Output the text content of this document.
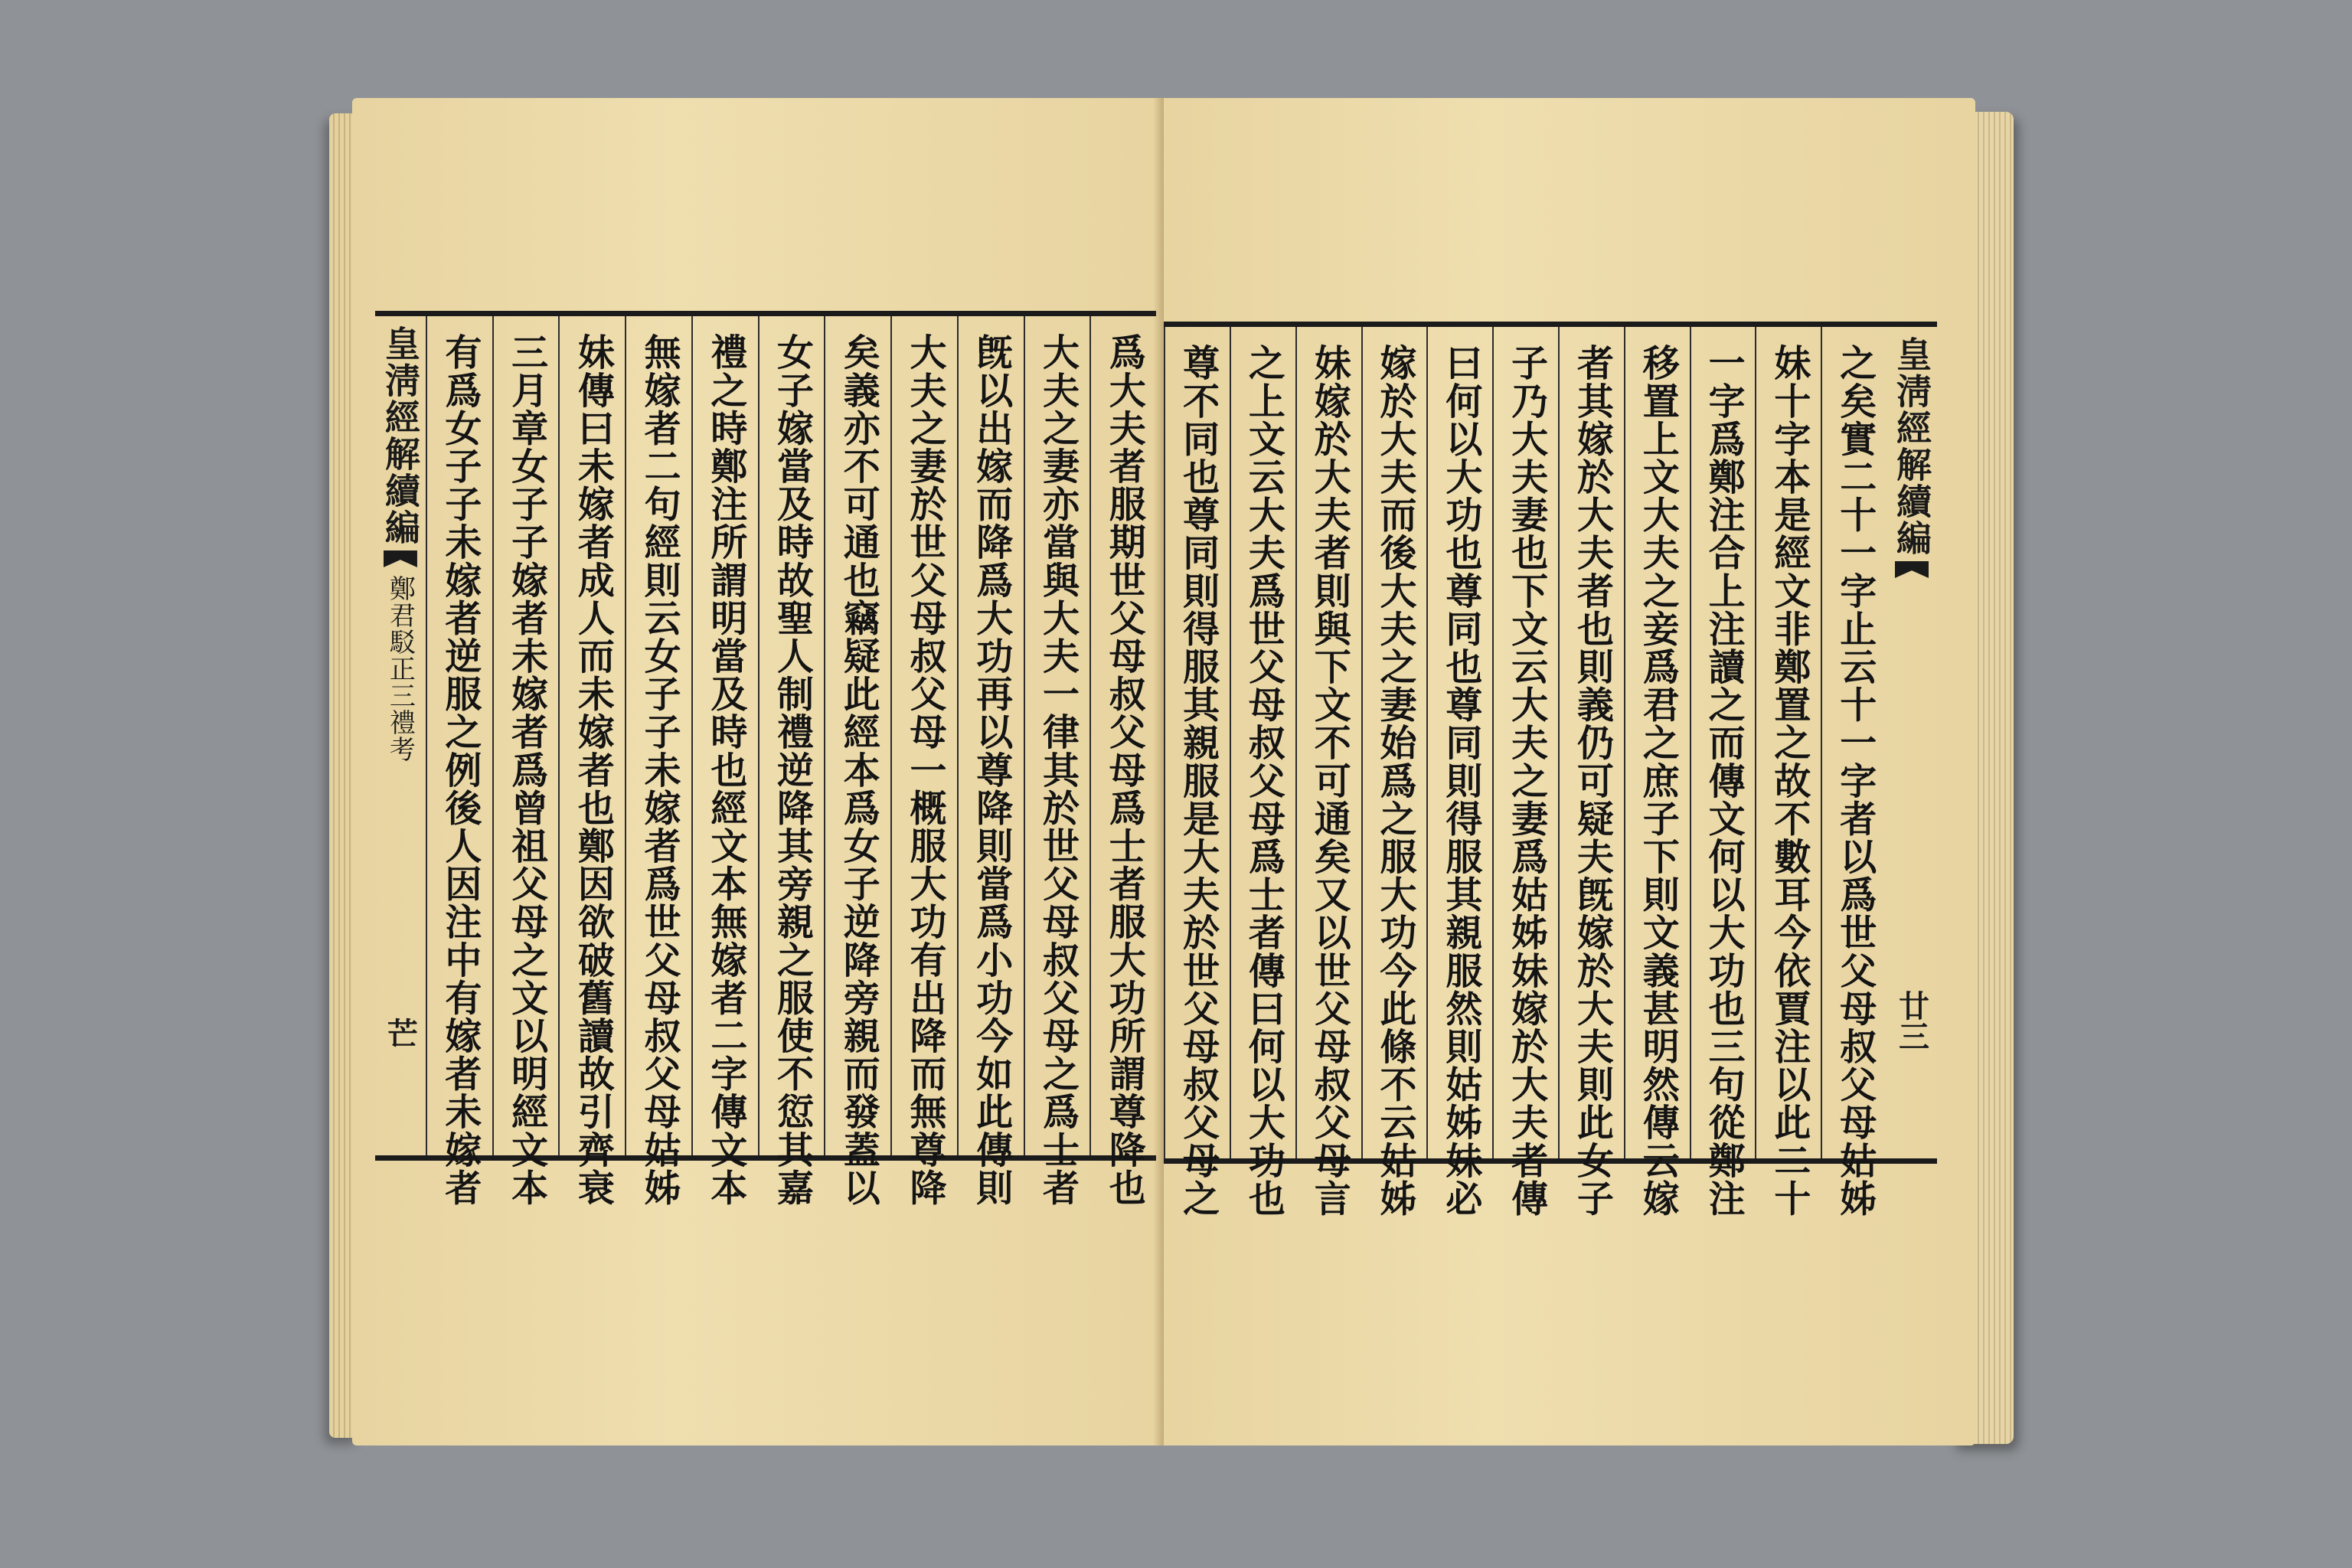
爲大夫者服期世父母叔父母爲士者服大功所謂尊降也
大夫之妻亦當與大夫一律其於世父母叔父母之爲士者
旣以出嫁而降爲大功再以尊降則當爲小功今如此傳則
大夫之妻於世父母叔父母一概服大功有出降而無尊降
矣義亦不可通也竊疑此經本爲女子逆降旁親而發蓋以
女子嫁當及時故聖人制禮逆降其旁親之服使不愆其嘉
禮之時鄭注所謂明當及時也經文本無嫁者二字傳文本
無嫁者二句經則云女子子未嫁者爲世父母叔父母姑姊
妹傳曰未嫁者成人而未嫁者也鄭因欲破舊讀故引齊衰
三月章女子子嫁者未嫁者爲曾祖父母之文以明經文本
有爲女子子未嫁者逆服之例後人因注中有嫁者未嫁者
皇淸經解續編
鄭君駁正三禮考
芒
皇淸經解續編
廿三
之矣實二十一字止云十一字者以爲世父母叔父母姑姊
妹十字本是經文非鄭置之故不數耳今依賈注以此二十
一字爲鄭注合上注讀之而傳文何以大功也三句從鄭注
移置上文大夫之妾爲君之庶子下則文義甚明然傳云嫁
者其嫁於大夫者也則義仍可疑夫旣嫁於大夫則此女子
子乃大夫妻也下文云大夫之妻爲姑姊妹嫁於大夫者傳
曰何以大功也尊同也尊同則得服其親服然則姑姊妹必
嫁於大夫而後大夫之妻始爲之服大功今此條不云姑姊
妹嫁於大夫者則與下文不可通矣又以世父母叔父母言
之上文云大夫爲世父母叔父母爲士者傳曰何以大功也
尊不同也尊同則得服其親服是大夫於世父母叔父母之
